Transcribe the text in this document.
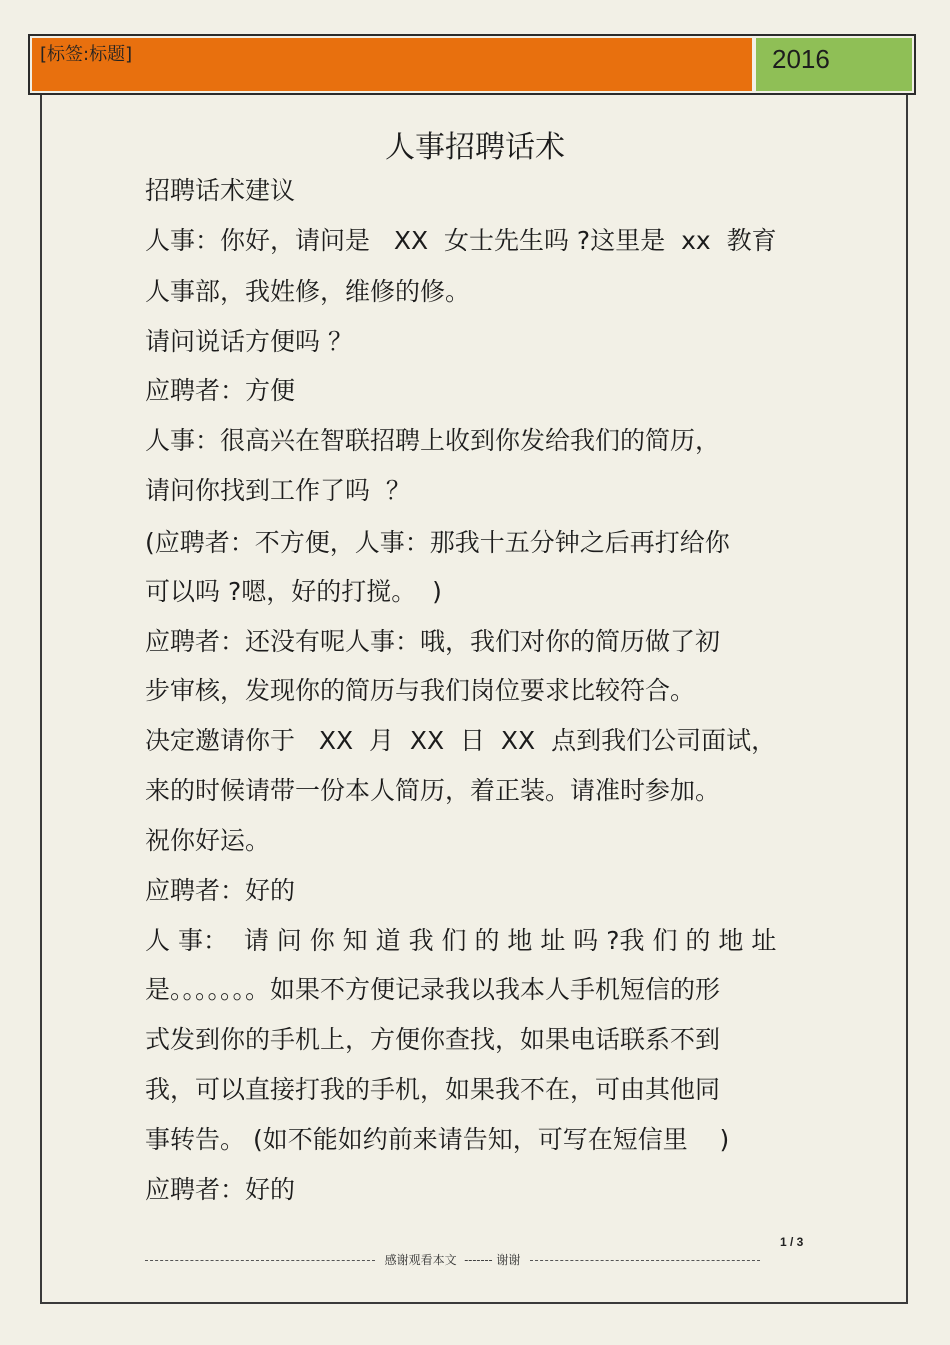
[标签:标题]	2016
人事招聘话术
招聘话术建议
人事：你好，请问是   XX  女士先生吗 ?这里是  xx  教育
人事部，我姓修，维修的修。
请问说话方便吗 ？
应聘者：方便
人事：很高兴在智联招聘上收到你发给我们的简历，
请问你找到工作了吗  ？
(应聘者：不方便，人事：那我十五分钟之后再打给你
可以吗 ?嗯，好的打搅。  )
应聘者：还没有呢人事：哦，我们对你的简历做了初
步审核，发现你的简历与我们岗位要求比较符合。
决定邀请你于   XX  月  XX  日  XX  点到我们公司面试，
来的时候请带一份本人简历，着正装。请准时参加。
祝你好运。
应聘者：好的
人 事：  请 问 你 知 道 我 们 的 地 址 吗 ?我 们 的 地 址
是。。。。。。。如果不方便记录我以我本人手机短信的形
式发到你的手机上，方便你查找，如果电话联系不到
我，可以直接打我的手机，如果我不在，可由其他同
事转告。 (如不能如约前来请告知，可写在短信里    )
应聘者：好的
1 / 3
感谢观看本文  ------- 谢谢
